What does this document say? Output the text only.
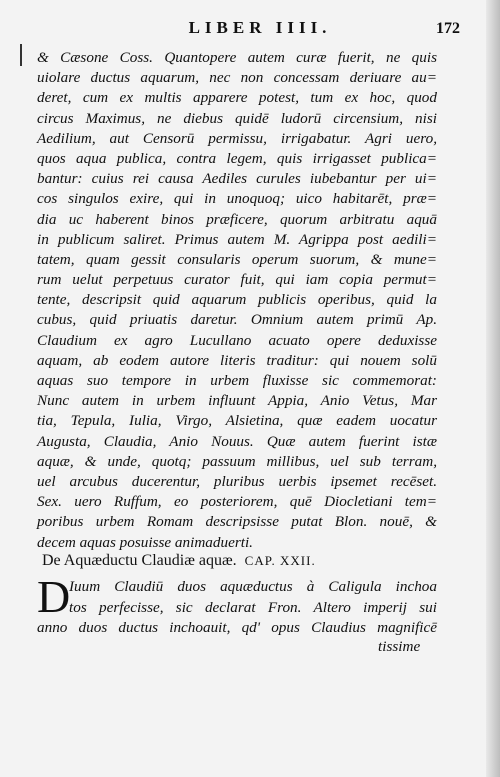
LIBER IIII.	172
& Cæsone Coss. Quantopere autem curæ fuerit, ne quis
uiolare ductus aquarum, nec non concessam deriuare au=
deret, cum ex multis apparere potest, tum ex hoc, quod
circus Maximus, ne diebus quidē ludorū circensium, nisi
Aedilium, aut Censorū permissu, irrigabatur. Agri uero,
quos aqua publica, contra legem, quis irrigasset publica=
bantur: cuius rei causa Aediles curules iubebantur per ui=
cos singulos exire, qui in unoquoq; uico habitarēt, præ=
dia uc haberent binos præficere, quorum arbitratu aquā
in publicum saliret. Primus autem M. Agrippa post aedili=
tatem, quam gessit consularis operum suorum, & mune=
rum uelut perpetuus curator fuit, qui iam copia permut=
tente, descripsit quid aquarum publicis operibus, quid la
cubus, quid priuatis daretur. Omnium autem primū Ap.
Claudium ex agro Lucullano acuato opere deduxisse
aquam, ab eodem autore literis traditur: qui nouem solū
aquas suo tempore in urbem fluxisse sic commemorat:
Nunc autem in urbem influunt Appia, Anio Vetus, Mar
tia, Tepula, Iulia, Virgo, Alsietina, quæ eadem uocatur
Augusta, Claudia, Anio Nouus. Quæ autem fuerint istæ
aquæ, & unde, quotq; passuum millibus, uel sub terram,
uel arcubus ducerentur, pluribus uerbis ipsemet recēset.
Sex. uero Ruffum, eo posteriorem, quē Diocletiani tem=
poribus urbem Romam descripsisse putat Blon. nouē, &
decem aquas posuisse animaduerti.
De Aquæductu Claudiæ aquæ. CAP. XXII.
D
Iuum Claudiū duos aquæductus à Caligula inchoa
tos perfecisse, sic declarat Fron. Altero imperij sui
anno duos ductus inchoauit, qd' opus Claudius magnificē
tissime
